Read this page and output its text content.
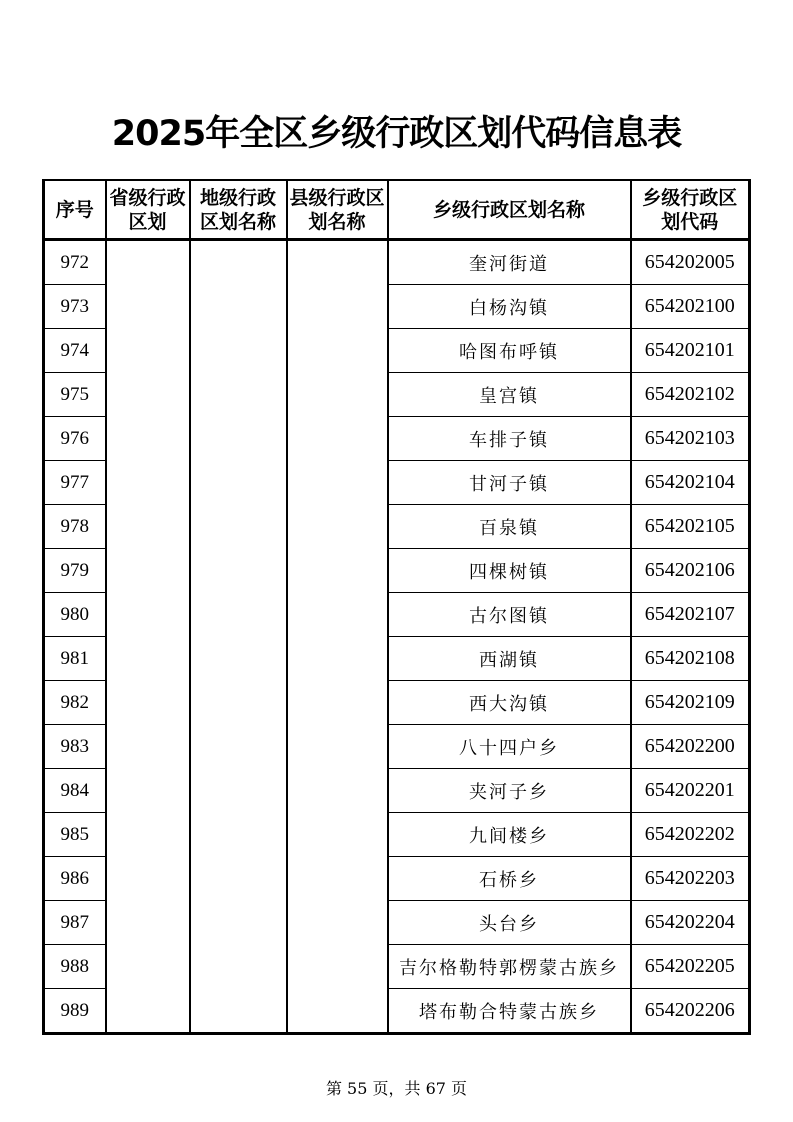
2025年全区乡级行政区划代码信息表
序号	省级行政区划	地级行政区划名称	县级行政区划名称	乡级行政区划名称	乡级行政区划代码
972				奎河街道	654202005
973				白杨沟镇	654202100
974				哈图布呼镇	654202101
975				皇宫镇	654202102
976				车排子镇	654202103
977				甘河子镇	654202104
978				百泉镇	654202105
979				四棵树镇	654202106
980				古尔图镇	654202107
981				西湖镇	654202108
982				西大沟镇	654202109
983				八十四户乡	654202200
984				夹河子乡	654202201
985				九间楼乡	654202202
986				石桥乡	654202203
987				头台乡	654202204
988				吉尔格勒特郭楞蒙古族乡	654202205
989				塔布勒合特蒙古族乡	654202206
第 55 页，共 67 页
